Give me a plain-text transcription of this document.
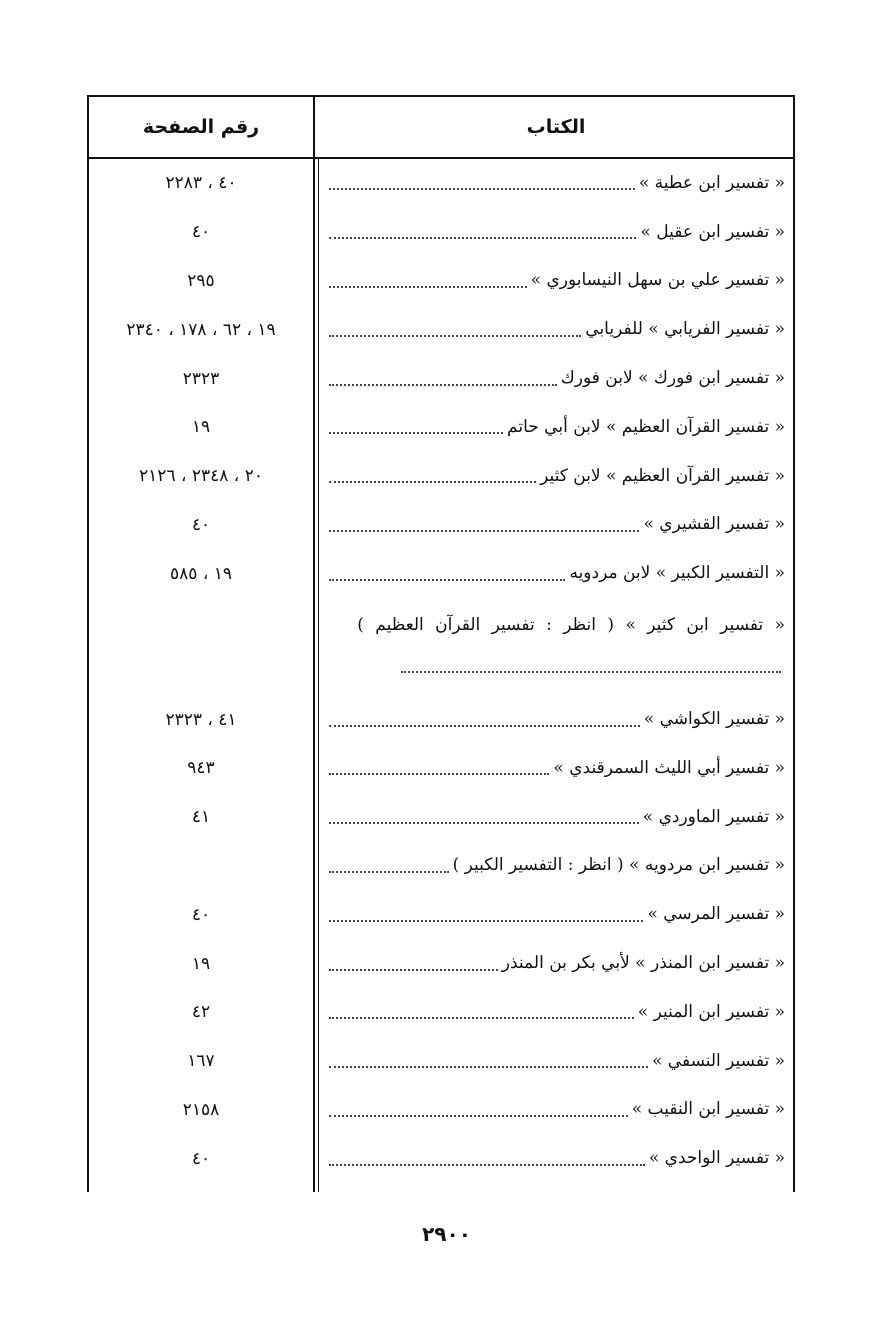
الكتاب
رقم الصفحة
« تفسير ابن عطية »
٤٠ ، ٢٢٨٣
« تفسير ابن عقيل »
٤٠
« تفسير علي بن سهل النيسابوري »
٢٩٥
« تفسير الفريابي » للفريابي
١٩ ، ٦٢ ، ١٧٨ ، ٢٣٤٠
« تفسير ابن فورك » لابن فورك
٢٣٢٣
« تفسير القرآن العظيم » لابن أبي حاتم
١٩
« تفسير القرآن العظيم » لابن كثير
٢٠ ، ٢٣٤٨ ، ٢١٢٦
« تفسير القشيري »
٤٠
« التفسير الكبير » لابن مردويه
١٩ ، ٥٨٥
« تفسير ابن كثير » ( انظر : تفسير القرآن العظيم )
« تفسير الكواشي »
٤١ ، ٢٣٢٣
« تفسير أبي الليث السمرقندي »
٩٤٣
« تفسير الماوردي »
٤١
« تفسير ابن مردويه » ( انظر : التفسير الكبير )
« تفسير المرسي »
٤٠
« تفسير ابن المنذر » لأبي بكر بن المنذر
١٩
« تفسير ابن المنير »
٤٢
« تفسير النسفي »
١٦٧
« تفسير ابن النقيب »
٢١٥٨
« تفسير الواحدي »
٤٠
٢٩٠٠
